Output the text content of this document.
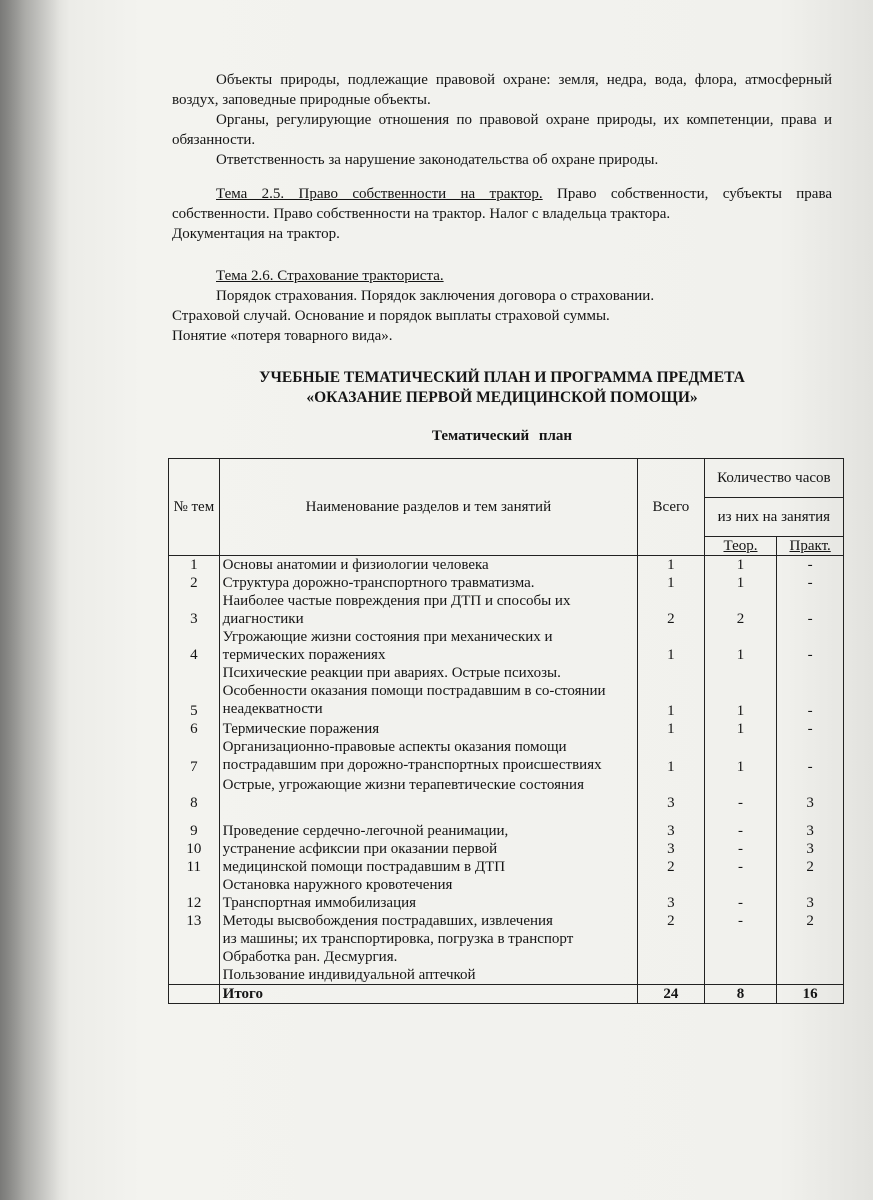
Объекты природы, подлежащие правовой охране: земля, недра, вода, флора, атмосферный воздух, заповедные природные объекты.

Органы, регулирующие отношения по правовой охране природы, их компетенции, права и обязанности.

Ответственность за нарушение законодательства об охране природы.

Тема 2.5. Право собственности на трактор. Право собственности, субъекты права собственности. Право собственности на трактор. Налог с владельца трактора.

Документация на трактор.

Тема 2.6. Страхование тракториста.

Порядок страхования. Порядок заключения договора о страховании.

Страховой случай. Основание и порядок выплаты страховой суммы.

Понятие «потеря товарного вида».

УЧЕБНЫЕ ТЕМАТИЧЕСКИЙ ПЛАН И ПРОГРАММА ПРЕДМЕТА
«ОКАЗАНИЕ ПЕРВОЙ МЕДИЦИНСКОЙ ПОМОЩИ»
Тематический план
№ тем	Наименование разделов и тем занятий	Всего	Количество часов	
			из них на занятия	
			Теор.	Практ.
1	Основы анатомии и физиологии человека	1	1	-
2	Структура дорожно-транспортного травматизма.	1	1	-
3	Наиболее частые повреждения при ДТП и способы их диагностики	2	2	-
4	Угрожающие жизни состояния при механических и термических поражениях	1	1	-
5	Психические реакции при авариях. Острые психозы. Особенности оказания помощи пострадавшим в со-стоянии неадекватности	1	1	-
6	Термические поражения	1	1	-
7	Организационно-правовые аспекты оказания помощи пострадавшим при дорожно-транспортных происшествиях	1	1	-
8	Острые, угрожающие жизни терапевтические состояния	3	-	3
9	Проведение сердечно-легочной реанимации,	3	-	3
10	устранение асфиксии при оказании первой	3	-	3
11	медицинской помощи пострадавшим в ДТП	2	-	2
	Остановка наружного кровотечения			
12	Транспортная иммобилизация	3	-	3
13	Методы высвобождения пострадавших, извлечения	2	-	2
	из машины; их транспортировка, погрузка в транспорт			
	Обработка ран. Десмургия.			
	Пользование индивидуальной аптечкой			
	Итого	24	8	16
